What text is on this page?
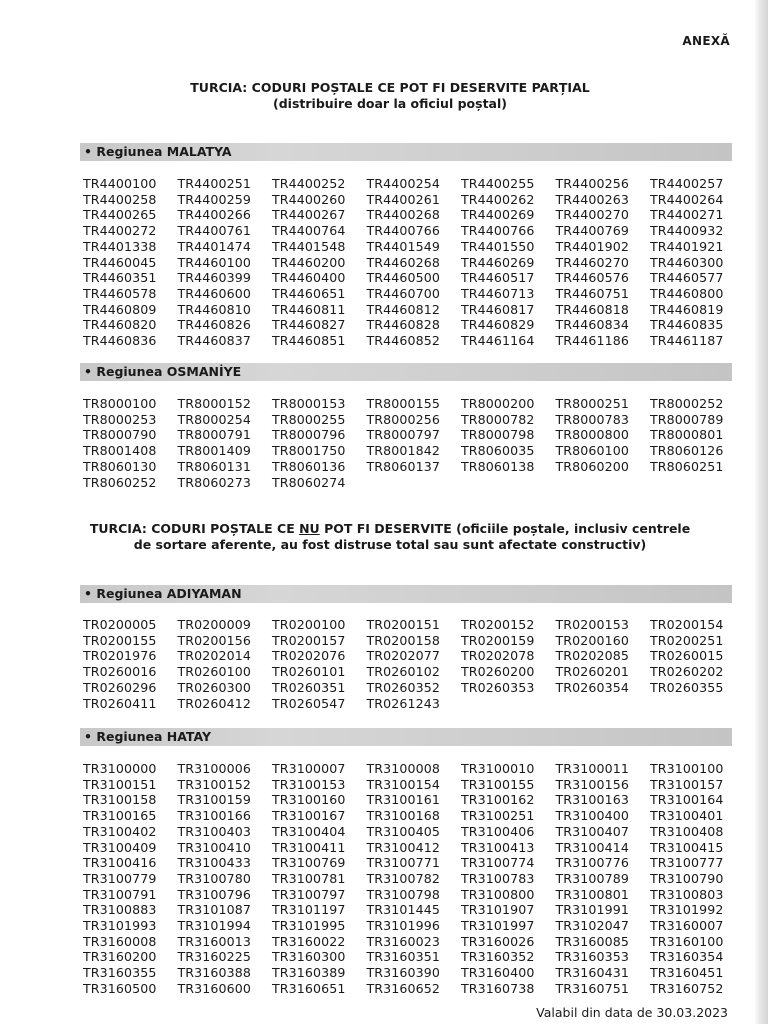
ANEXĂ
TURCIA: CODURI POȘTALE CE POT FI DESERVITE PARȚIAL
(distribuire doar la oficiul poștal)
• Regiunea MALATYA
TR4400100	TR4400251	TR4400252	TR4400254	TR4400255	TR4400256	TR4400257
TR4400258	TR4400259	TR4400260	TR4400261	TR4400262	TR4400263	TR4400264
TR4400265	TR4400266	TR4400267	TR4400268	TR4400269	TR4400270	TR4400271
TR4400272	TR4400761	TR4400764	TR4400766	TR4400766	TR4400769	TR4400932
TR4401338	TR4401474	TR4401548	TR4401549	TR4401550	TR4401902	TR4401921
TR4460045	TR4460100	TR4460200	TR4460268	TR4460269	TR4460270	TR4460300
TR4460351	TR4460399	TR4460400	TR4460500	TR4460517	TR4460576	TR4460577
TR4460578	TR4460600	TR4460651	TR4460700	TR4460713	TR4460751	TR4460800
TR4460809	TR4460810	TR4460811	TR4460812	TR4460817	TR4460818	TR4460819
TR4460820	TR4460826	TR4460827	TR4460828	TR4460829	TR4460834	TR4460835
TR4460836	TR4460837	TR4460851	TR4460852	TR4461164	TR4461186	TR4461187
• Regiunea OSMANİYE
TR8000100	TR8000152	TR8000153	TR8000155	TR8000200	TR8000251	TR8000252
TR8000253	TR8000254	TR8000255	TR8000256	TR8000782	TR8000783	TR8000789
TR8000790	TR8000791	TR8000796	TR8000797	TR8000798	TR8000800	TR8000801
TR8001408	TR8001409	TR8001750	TR8001842	TR8060035	TR8060100	TR8060126
TR8060130	TR8060131	TR8060136	TR8060137	TR8060138	TR8060200	TR8060251
TR8060252	TR8060273	TR8060274
TURCIA: CODURI POȘTALE CE NU POT FI DESERVITE (oficiile poștale, inclusiv centrele
de sortare aferente, au fost distruse total sau sunt afectate constructiv)
• Regiunea ADIYAMAN
TR0200005	TR0200009	TR0200100	TR0200151	TR0200152	TR0200153	TR0200154
TR0200155	TR0200156	TR0200157	TR0200158	TR0200159	TR0200160	TR0200251
TR0201976	TR0202014	TR0202076	TR0202077	TR0202078	TR0202085	TR0260015
TR0260016	TR0260100	TR0260101	TR0260102	TR0260200	TR0260201	TR0260202
TR0260296	TR0260300	TR0260351	TR0260352	TR0260353	TR0260354	TR0260355
TR0260411	TR0260412	TR0260547	TR0261243
• Regiunea HATAY
TR3100000	TR3100006	TR3100007	TR3100008	TR3100010	TR3100011	TR3100100
TR3100151	TR3100152	TR3100153	TR3100154	TR3100155	TR3100156	TR3100157
TR3100158	TR3100159	TR3100160	TR3100161	TR3100162	TR3100163	TR3100164
TR3100165	TR3100166	TR3100167	TR3100168	TR3100251	TR3100400	TR3100401
TR3100402	TR3100403	TR3100404	TR3100405	TR3100406	TR3100407	TR3100408
TR3100409	TR3100410	TR3100411	TR3100412	TR3100413	TR3100414	TR3100415
TR3100416	TR3100433	TR3100769	TR3100771	TR3100774	TR3100776	TR3100777
TR3100779	TR3100780	TR3100781	TR3100782	TR3100783	TR3100789	TR3100790
TR3100791	TR3100796	TR3100797	TR3100798	TR3100800	TR3100801	TR3100803
TR3100883	TR3101087	TR3101197	TR3101445	TR3101907	TR3101991	TR3101992
TR3101993	TR3101994	TR3101995	TR3101996	TR3101997	TR3102047	TR3160007
TR3160008	TR3160013	TR3160022	TR3160023	TR3160026	TR3160085	TR3160100
TR3160200	TR3160225	TR3160300	TR3160351	TR3160352	TR3160353	TR3160354
TR3160355	TR3160388	TR3160389	TR3160390	TR3160400	TR3160431	TR3160451
TR3160500	TR3160600	TR3160651	TR3160652	TR3160738	TR3160751	TR3160752
Valabil din data de 30.03.2023
